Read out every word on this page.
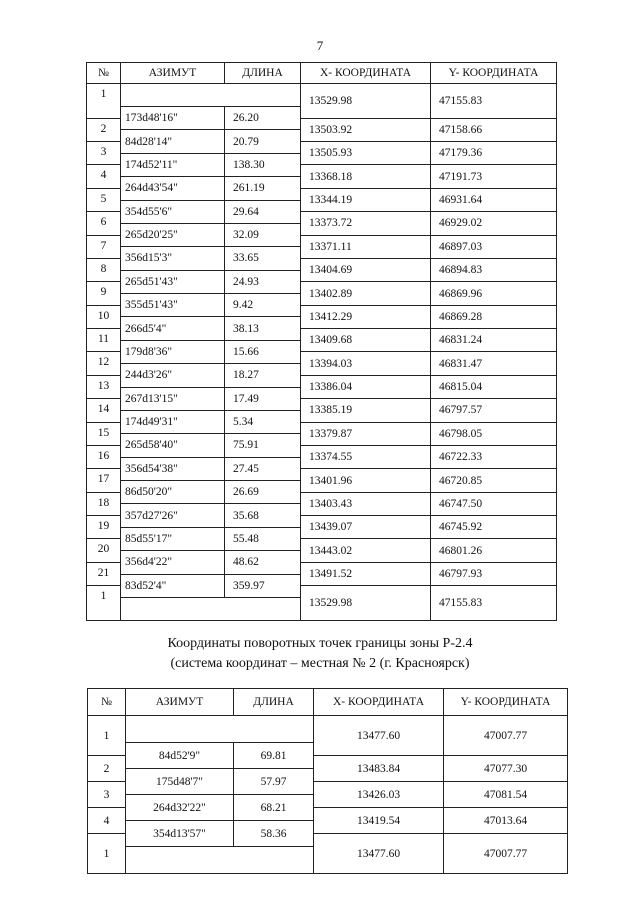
7
№	АЗИМУТ	ДЛИНА	Х- КООРДИНАТА	Y- КООРДИНАТА
1			13529.98	47155.83
	173d48'16"	26.20		
2			13503.92	47158.66
	84d28'14"	20.79		
3			13505.93	47179.36
	174d52'11"	138.30		
4			13368.18	47191.73
	264d43'54"	261.19		
5			13344.19	46931.64
	354d55'6"	29.64		
6			13373.72	46929.02
	265d20'25"	32.09		
7			13371.11	46897.03
	356d15'3"	33.65		
8			13404.69	46894.83
	265d51'43"	24.93		
9			13402.89	46869.96
	355d51'43"	9.42		
10			13412.29	46869.28
	266d5'4"	38.13		
11			13409.68	46831.24
	179d8'36"	15.66		
12			13394.03	46831.47
	244d3'26"	18.27		
13			13386.04	46815.04
	267d13'15"	17.49		
14			13385.19	46797.57
	174d49'31"	5.34		
15			13379.87	46798.05
	265d58'40"	75.91		
16			13374.55	46722.33
	356d54'38"	27.45		
17			13401.96	46720.85
	86d50'20"	26.69		
18			13403.43	46747.50
	357d27'26"	35.68		
19			13439.07	46745.92
	85d55'17"	55.48		
20			13443.02	46801.26
	356d4'22"	48.62		
21			13491.52	46797.93
	83d52'4"	359.97		
1			13529.98	47155.83

Координаты поворотных точек границы зоны Р-2.4
(система координат – местная № 2 (г. Красноярск)
№	АЗИМУТ	ДЛИНА	Х- КООРДИНАТА	Y- КООРДИНАТА
1			13477.60	47007.77
	84d52'9"	69.81		
2			13483.84	47077.30
	175d48'7"	57.97		
3			13426.03	47081.54
	264d32'22"	68.21		
4			13419.54	47013.64
	354d13'57"	58.36		
1			13477.60	47007.77
